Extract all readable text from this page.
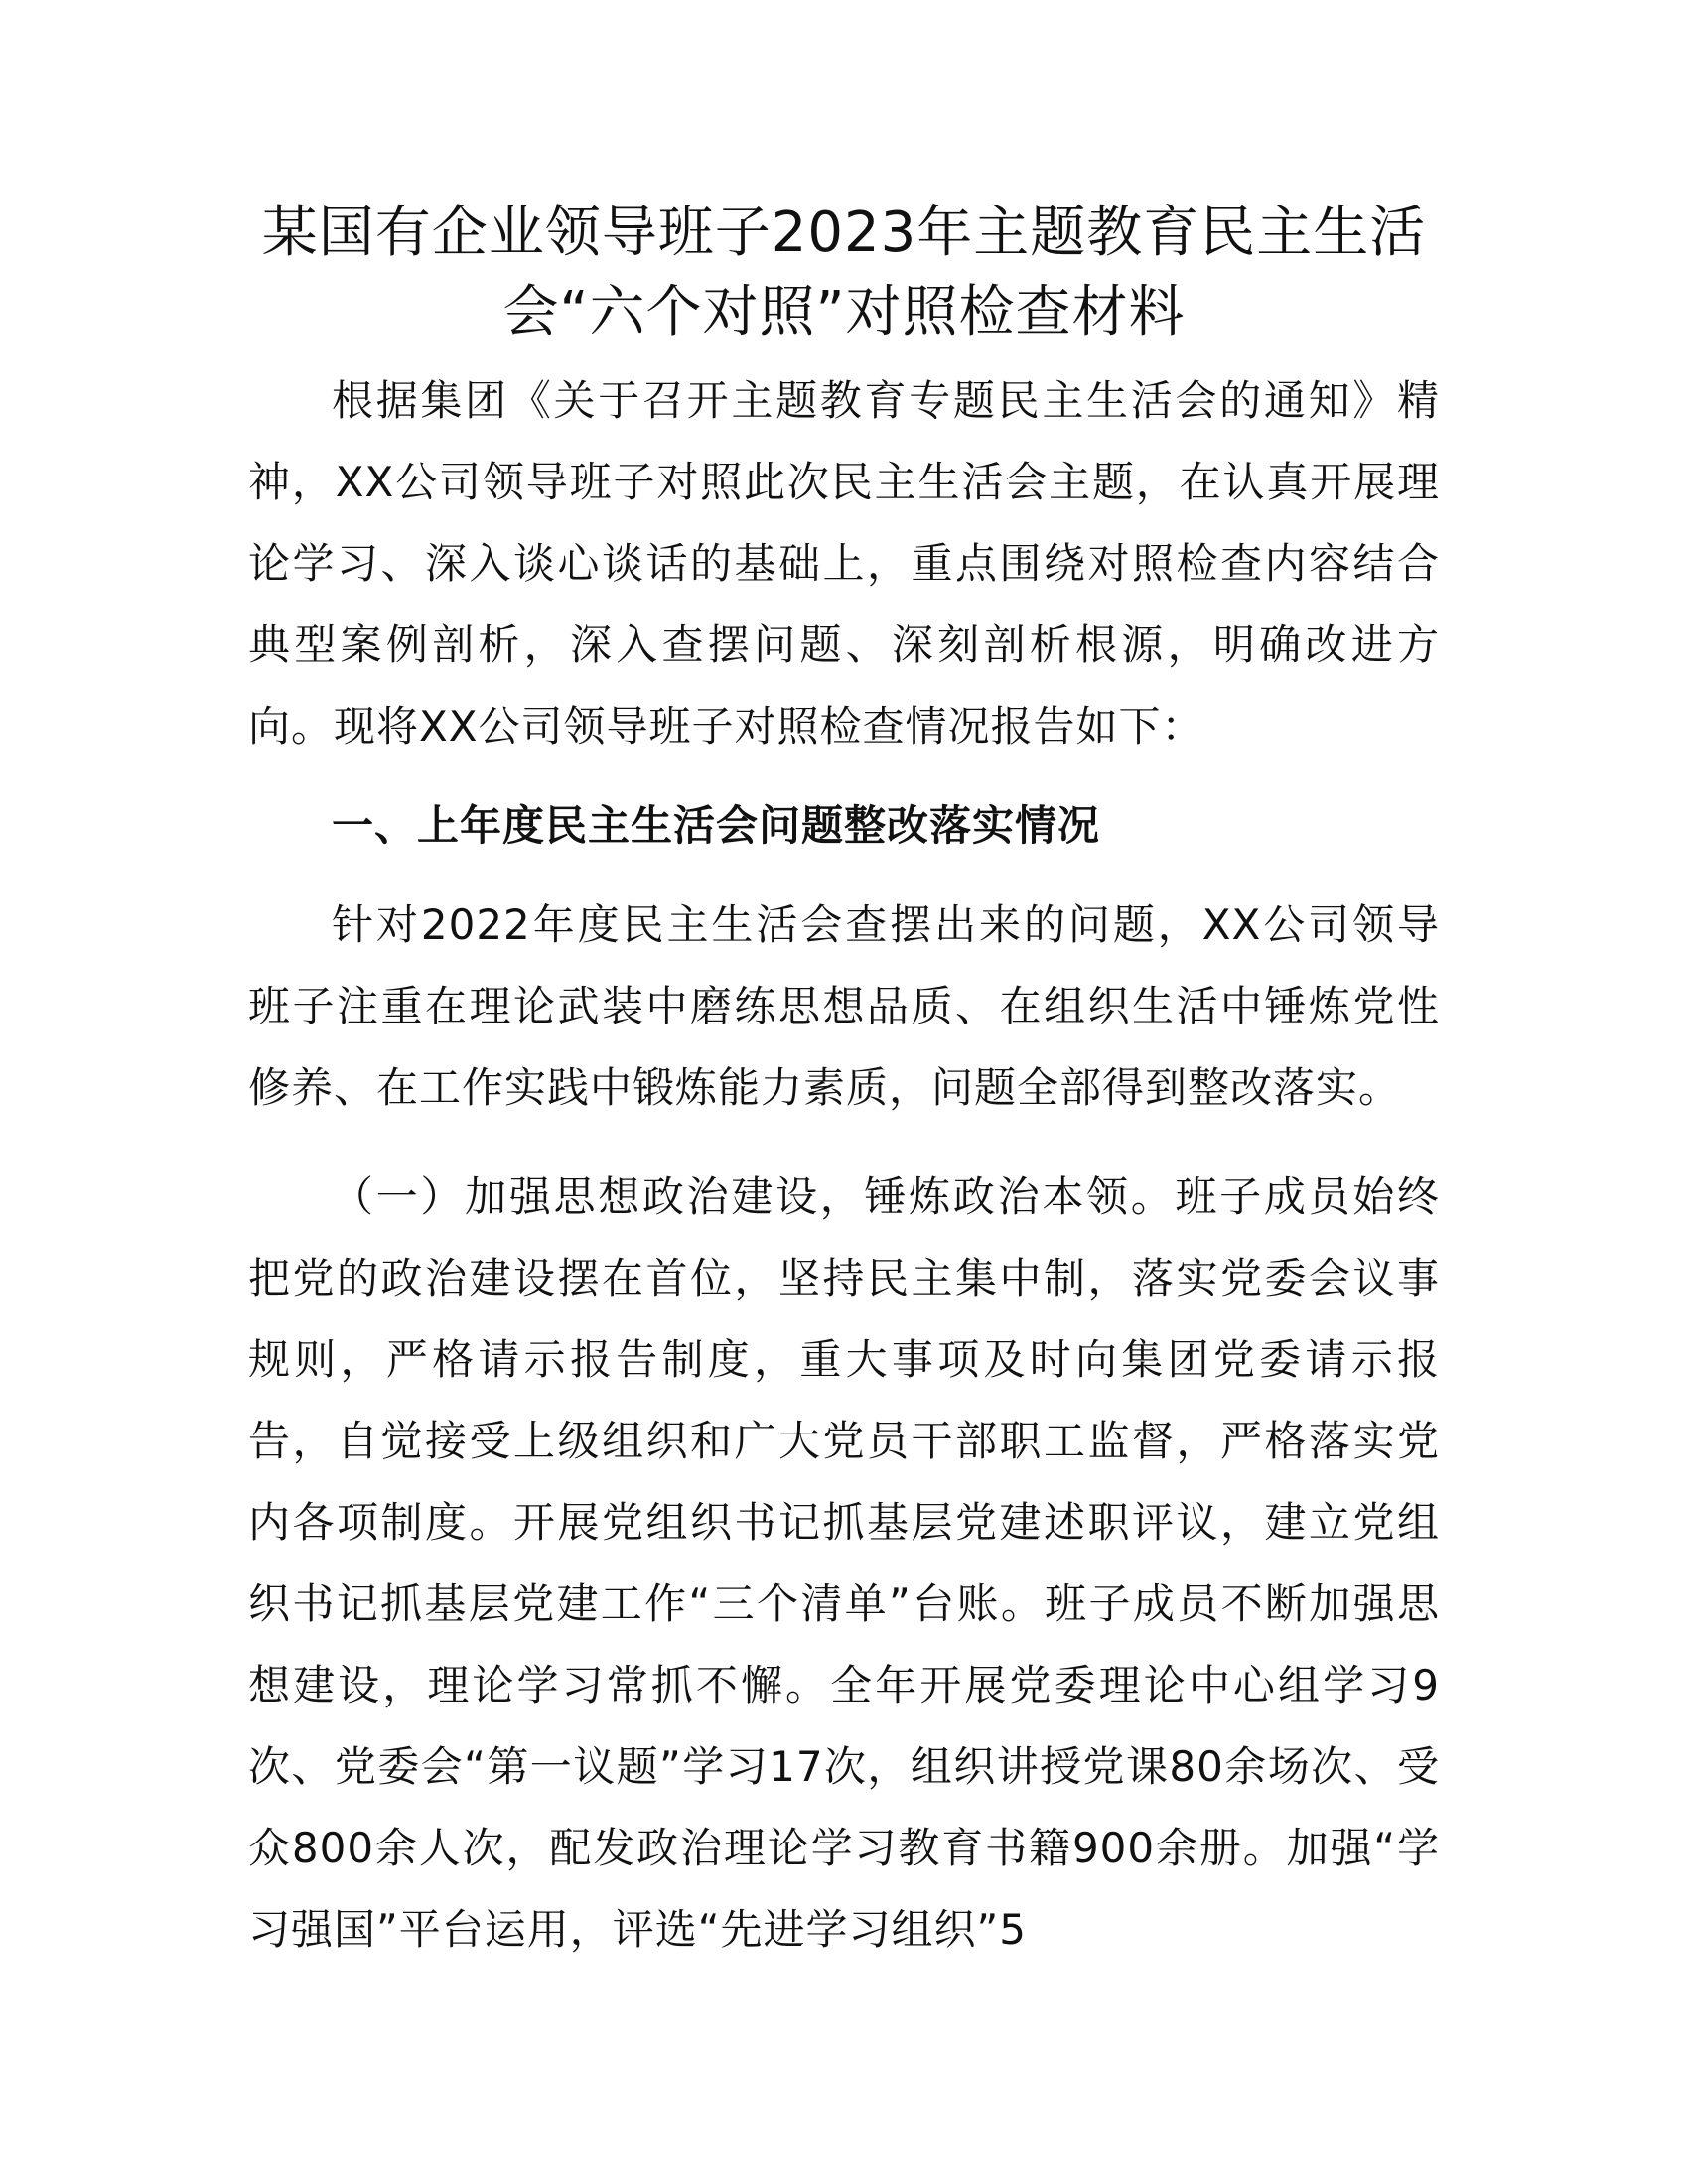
某国有企业领导班子2023年主题教育民主生活
会“六个对照”对照检查材料

根据集团《关于召开主题教育专题民主生活会的通知》精神，XX公司领导班子对照此次民主生活会主题，在认真开展理论学习、深入谈心谈话的基础上，重点围绕对照检查内容结合典型案例剖析，深入查摆问题、深刻剖析根源，明确改进方向。现将XX公司领导班子对照检查情况报告如下：

一、上年度民主生活会问题整改落实情况

针对2022年度民主生活会查摆出来的问题，XX公司领导班子注重在理论武装中磨练思想品质、在组织生活中锤炼党性修养、在工作实践中锻炼能力素质，问题全部得到整改落实。

（一）加强思想政治建设，锤炼政治本领。班子成员始终把党的政治建设摆在首位，坚持民主集中制，落实党委会议事规则，严格请示报告制度，重大事项及时向集团党委请示报告，自觉接受上级组织和广大党员干部职工监督，严格落实党内各项制度。开展党组织书记抓基层党建述职评议，建立党组织书记抓基层党建工作“三个清单”台账。班子成员不断加强思想建设，理论学习常抓不懈。全年开展党委理论中心组学习9次、党委会“第一议题”学习17次，组织讲授党课80余场次、受众800余人次，配发政治理论学习教育书籍900余册。加强“学习强国”平台运用，评选“先进学习组织”5
